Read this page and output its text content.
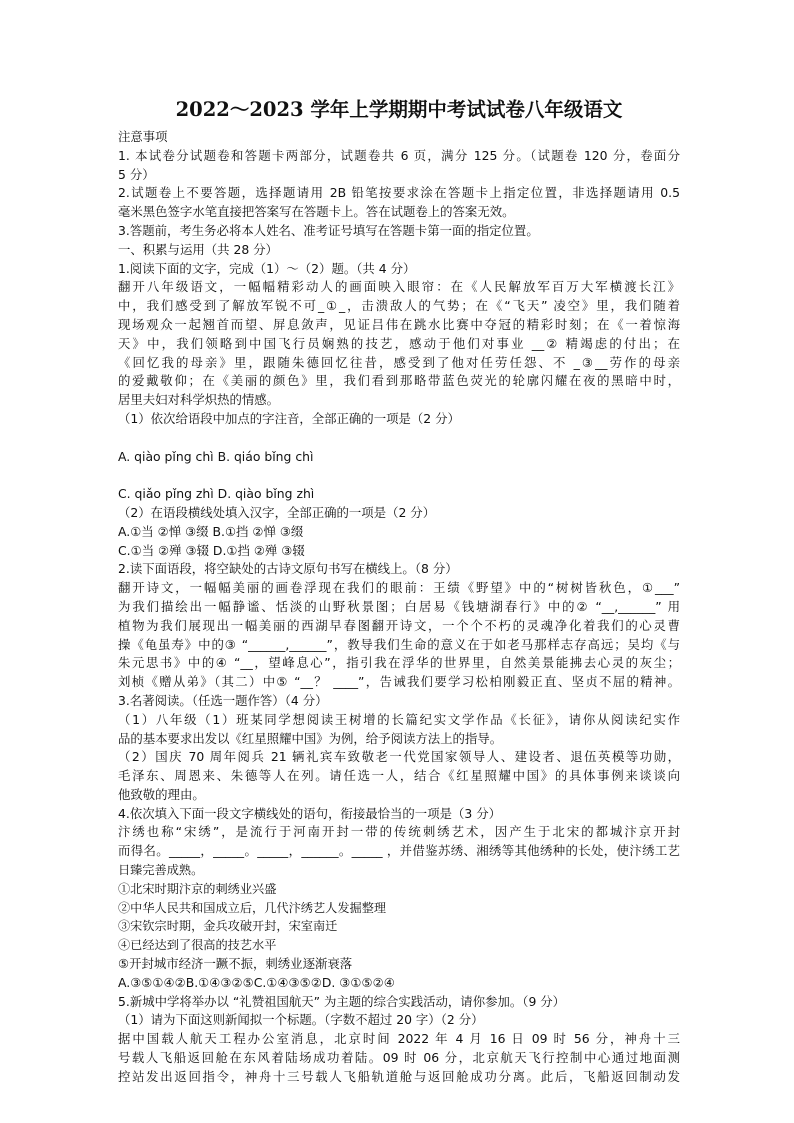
2022～2023 学年上学期期中考试试卷八年级语文
注意事项
1. 本试卷分试题卷和答题卡两部分，试题卷共 6 页，满分 125 分。（试题卷 120 分，卷面分
5 分）
2.试题卷上不要答题，选择题请用 2B 铅笔按要求涂在答题卡上指定位置，非选择题请用 0.5
毫米黑色签字水笔直接把答案写在答题卡上。答在试题卷上的答案无效。
3.答题前，考生务必将本人姓名、准考证号填写在答题卡第一面的指定位置。
一、积累与运用（共 28 分）
1.阅读下面的文字，完成（1）～（2）题。（共 4 分）
翻开八年级语文，一幅幅精彩动人的画面映入眼帘：在《人民解放军百万大军横渡长江》
中，我们感受到了解放军锐不可_①_，击溃敌人的气势；在《“飞天” 凌空》里，我们随着
现场观众一起翘首而望、屏息敛声，见证吕伟在跳水比赛中夺冠的精彩时刻；在《一着惊海
天》中，我们领略到中国飞行员娴熟的技艺，感动于他们对事业 __② 精竭虑的付出；在
《回忆我的母亲》里，跟随朱德回忆往昔，感受到了他对任劳任怨、不 _③__劳作的母亲
的爱戴敬仰；在《美丽的颜色》里，我们看到那略带蓝色荧光的轮廓闪耀在夜的黑暗中时，
居里夫妇对科学炽热的情感。
（1）依次给语段中加点的字注音，全部正确的一项是（2 分）
A. qiào pǐng chì B. qiáo bǐng chì
C. qiǎo pǐng zhì D. qiào bǐng zhì
（2）在语段横线处填入汉字，全部正确的一项是（2 分）
A.①当 ②惮 ③缀 B.①挡 ②惮 ③缀
C.①当 ②殚 ③辍 D.①挡 ②殚 ③辍
2.读下面语段，将空缺处的古诗文原句书写在横线上。（8 分）
翻开诗文，一幅幅美丽的画卷浮现在我们的眼前：王绩《野望》中的“树树皆秋色，①___”
为我们描绘出一幅静谧、恬淡的山野秋景图；白居易《钱塘湖春行》中的② “__,______” 用
植物为我们展现出一幅美丽的西湖早春图翻开诗文，一个个不朽的灵魂净化着我们的心灵曹
操《龟虽寿》中的③ “______,______”，教导我们生命的意义在于如老马那样志存高远；吴均《与
朱元思书》中的④ “__，望峰息心”，指引我在浮华的世界里，自然美景能拂去心灵的灰尘；
刘桢《赠从弟》（其二）中⑤ “__？ ____”，告诫我们要学习松柏刚毅正直、坚贞不屈的精神。
3.名著阅读。（任选一题作答）（4 分）
（1）八年级（1）班某同学想阅读王树增的长篇纪实文学作品《长征》，请你从阅读纪实作
品的基本要求出发以《红星照耀中国》为例，给予阅读方法上的指导。
（2）国庆 70 周年阅兵 21 辆礼宾车致敬老一代党国家领导人、建设者、退伍英模等功勋，
毛泽东、周恩来、朱德等人在列。请任选一人，结合《红星照耀中国》的具体事例来谈谈向
他致敬的理由。
4.依次填入下面一段文字横线处的语句，衔接最恰当的一项是（3 分）
汴绣也称“宋绣”，是流行于河南开封一带的传统刺绣艺术，因产生于北宋的都城汴京开封
而得名。_____，_____。_____，______。_____ ，并借鉴苏绣、湘绣等其他绣种的长处，使汴绣工艺
日臻完善成熟。
①北宋时期汴京的刺绣业兴盛
②中华人民共和国成立后，几代汴绣艺人发掘整理
③宋钦宗时期，金兵攻破开封，宋室南迁
④已经达到了很高的技艺水平
⑤开封城市经济一蹶不振，刺绣业逐渐衰落
A.③⑤①④②B.①④③②⑤C.①④③⑤②D. ③①⑤②④
5.新城中学将举办以 “礼赞祖国航天” 为主题的综合实践活动，请你参加。（9 分）
（1）请为下面这则新闻拟一个标题。（字数不超过 20 字）（2 分）
据中国载人航天工程办公室消息，北京时间 2022 年 4 月 16 日 09 时 56 分，神舟十三
号载人飞船返回舱在东风着陆场成功着陆。09 时 06 分，北京航天飞行控制中心通过地面测
控站发出返回指令，神舟十三号载人飞船轨道舱与返回舱成功分离。此后，飞船返回制动发
